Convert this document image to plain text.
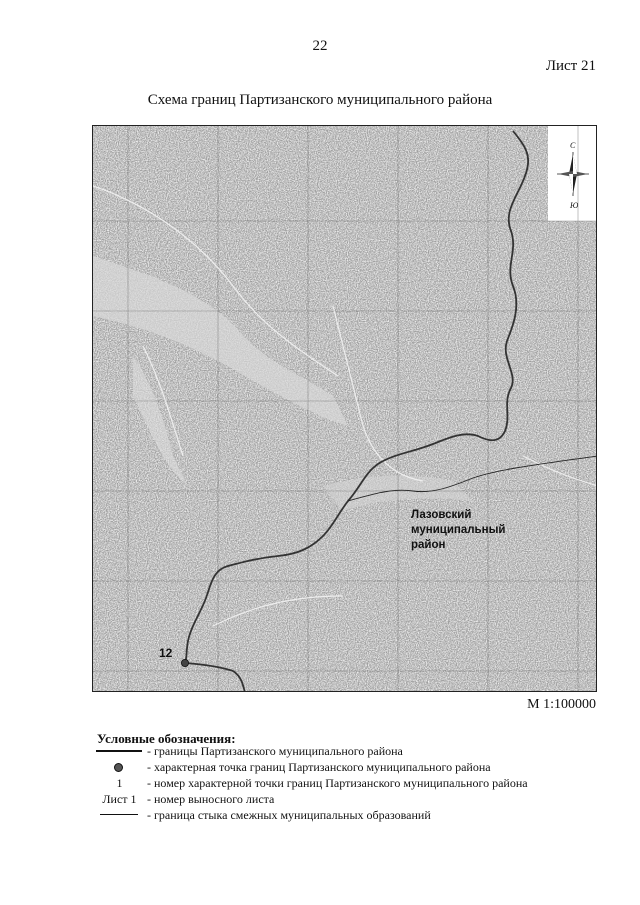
22
Лист 21
Схема границ Партизанского муниципального района
Лазовский
муниципальный
район
12
С
Ю
М 1:100000
Условные обозначения:
- границы Партизанского муниципального района
- характерная точка границ Партизанского муниципального района
1	- номер характерной точки границ Партизанского муниципального района
Лист 1 - номер выносного листа
- граница стыка смежных муниципальных образований
